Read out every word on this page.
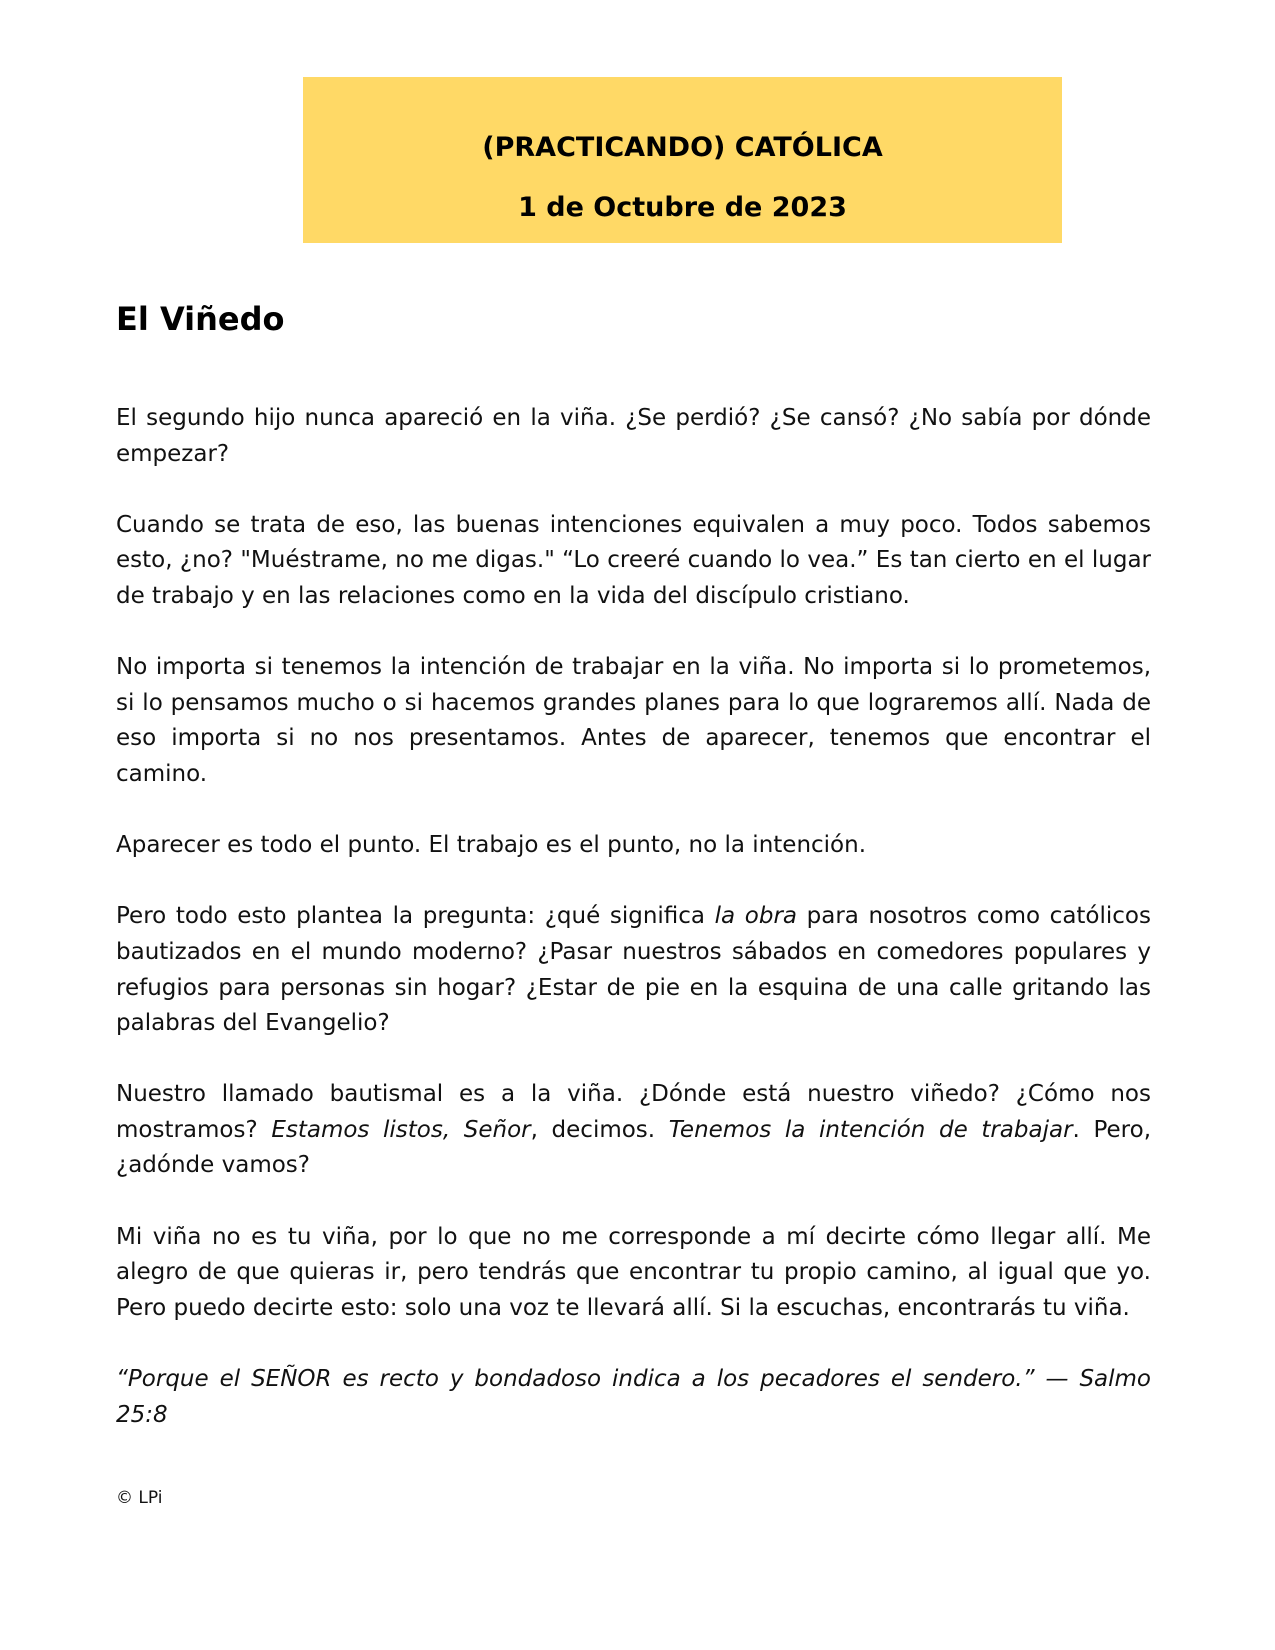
(PRACTICANDO) CATÓLICA
1 de Octubre de 2023
El Viñedo

El segundo hijo nunca apareció en la viña. ¿Se perdió? ¿Se cansó? ¿No sabía por dónde empezar?

Cuando se trata de eso, las buenas intenciones equivalen a muy poco. Todos sabemos esto, ¿no? "Muéstrame, no me digas." “Lo creeré cuando lo vea.” Es tan cierto en el lugar de trabajo y en las relaciones como en la vida del discípulo cristiano.

No importa si tenemos la intención de trabajar en la viña. No importa si lo prometemos, si lo pensamos mucho o si hacemos grandes planes para lo que lograremos allí. Nada de eso importa si no nos presentamos. Antes de aparecer, tenemos que encontrar el camino.

Aparecer es todo el punto. El trabajo es el punto, no la intención.

Pero todo esto plantea la pregunta: ¿qué significa la obra para nosotros como católicos bautizados en el mundo moderno? ¿Pasar nuestros sábados en comedores populares y refugios para personas sin hogar? ¿Estar de pie en la esquina de una calle gritando las palabras del Evangelio?

Nuestro llamado bautismal es a la viña. ¿Dónde está nuestro viñedo? ¿Cómo nos mostramos? Estamos listos, Señor, decimos. Tenemos la intención de trabajar. Pero, ¿adónde vamos?

Mi viña no es tu viña, por lo que no me corresponde a mí decirte cómo llegar allí. Me alegro de que quieras ir, pero tendrás que encontrar tu propio camino, al igual que yo. Pero puedo decirte esto: solo una voz te llevará allí. Si la escuchas, encontrarás tu viña.

“Porque el SEÑOR es recto y bondadoso indica a los pecadores el sendero.” — Salmo 25:8

© LPi
